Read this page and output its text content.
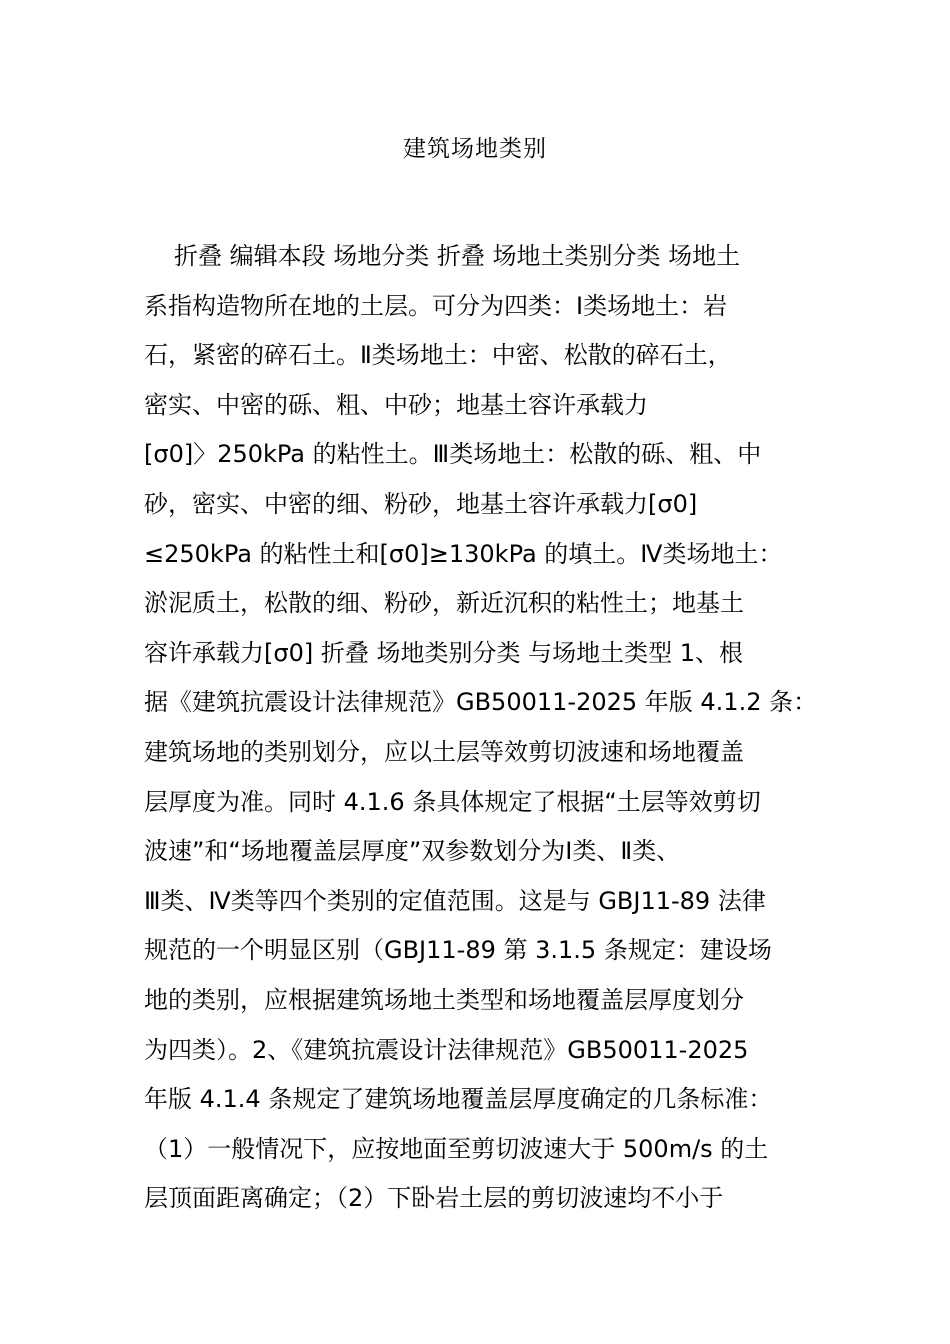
建筑场地类别
折叠 编辑本段 场地分类 折叠 场地土类别分类 场地土
系指构造物所在地的土层。可分为四类：Ⅰ类场地土：岩
石，紧密的碎石土。Ⅱ类场地土：中密、松散的碎石土，
密实、中密的砾、粗、中砂；地基土容许承载力
[σ0]〉250kPa 的粘性土。Ⅲ类场地土：松散的砾、粗、中
砂，密实、中密的细、粉砂，地基土容许承载力[σ0]
≤250kPa 的粘性土和[σ0]≥130kPa 的填土。Ⅳ类场地土：
淤泥质土，松散的细、粉砂，新近沉积的粘性土；地基土
容许承载力[σ0] 折叠 场地类别分类 与场地土类型 1、根
据《建筑抗震设计法律规范》GB50011-2025 年版 4.1.2 条：
建筑场地的类别划分，应以土层等效剪切波速和场地覆盖
层厚度为准。同时 4.1.6 条具体规定了根据“土层等效剪切
波速”和“场地覆盖层厚度”双参数划分为Ⅰ类、Ⅱ类、
Ⅲ类、Ⅳ类等四个类别的定值范围。这是与 GBJ11-89 法律
规范的一个明显区别（GBJ11-89 第 3.1.5 条规定：建设场
地的类别，应根据建筑场地土类型和场地覆盖层厚度划分
为四类）。2、《建筑抗震设计法律规范》GB50011-2025
年版 4.1.4 条规定了建筑场地覆盖层厚度确定的几条标准：
（1）一般情况下，应按地面至剪切波速大于 500m/s 的土
层顶面距离确定；（2）下卧岩土层的剪切波速均不小于
